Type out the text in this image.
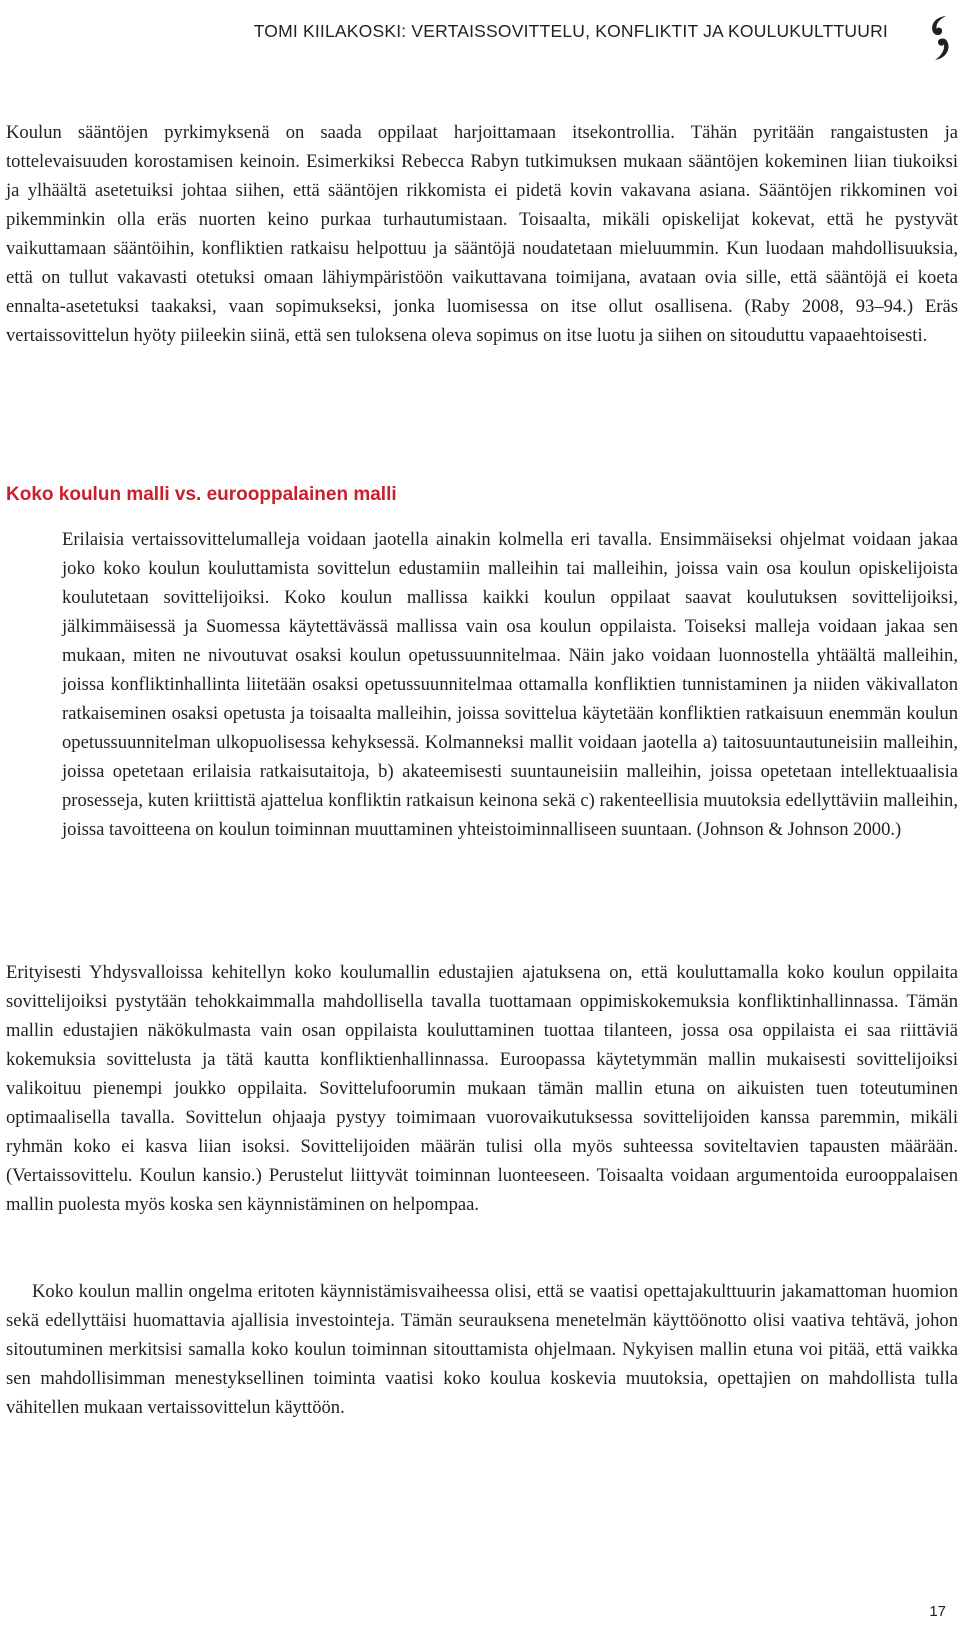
TOMI KIILAKOSKI: VERTAISSOVITTELU, KONFLIKTIT JA KOULUKULTTUURI

Koulun sääntöjen pyrkimyksenä on saada oppilaat harjoittamaan itsekontrollia. Tähän pyritään rangaistusten ja tottelevaisuuden korostamisen keinoin. Esimerkiksi Rebecca Rabyn tutkimuksen mukaan sääntöjen kokeminen liian tiukoiksi ja ylhäältä asetetuiksi johtaa siihen, että sääntöjen rikkomista ei pidetä kovin vakavana asiana. Sääntöjen rikkominen voi pikemminkin olla eräs nuorten keino purkaa turhautumistaan. Toisaalta, mikäli opiskelijat kokevat, että he pystyvät vaikuttamaan sääntöihin, konfliktien ratkaisu helpottuu ja sääntöjä noudatetaan mieluummin. Kun luodaan mahdollisuuksia, että on tullut vakavasti otetuksi omaan lähiympäristöön vaikuttavana toimijana, avataan ovia sille, että sääntöjä ei koeta ennalta-asetetuksi taakaksi, vaan sopimukseksi, jonka luomisessa on itse ollut osallisena. (Raby 2008, 93–94.) Eräs vertaissovittelun hyöty piileekin siinä, että sen tuloksena oleva sopimus on itse luotu ja siihen on sitouduttu vapaaehtoisesti.

Koko koulun malli vs. eurooppalainen malli

Erilaisia vertaissovittelumalleja voidaan jaotella ainakin kolmella eri tavalla. Ensimmäiseksi ohjelmat voidaan jakaa joko koko koulun kouluttamista sovittelun edustamiin malleihin tai malleihin, joissa vain osa koulun opiskelijoista koulutetaan sovittelijoiksi. Koko koulun mallissa kaikki koulun oppilaat saavat koulutuksen sovittelijoiksi, jälkimmäisessä ja Suomessa käytettävässä mallissa vain osa koulun oppilaista. Toiseksi malleja voidaan jakaa sen mukaan, miten ne nivoutuvat osaksi koulun opetussuunnitelmaa. Näin jako voidaan luonnostella yhtäältä malleihin, joissa konfliktinhallinta liitetään osaksi opetussuunnitelmaa ottamalla konfliktien tunnistaminen ja niiden väkivallaton ratkaiseminen osaksi opetusta ja toisaalta malleihin, joissa sovittelua käytetään konfliktien ratkaisuun enemmän koulun opetussuunnitelman ulkopuolisessa kehyksessä. Kolmanneksi mallit voidaan jaotella a) taitosuuntautuneisiin malleihin, joissa opetetaan erilaisia ratkaisutaitoja, b) akateemisesti suuntauneisiin malleihin, joissa opetetaan intellektuaalisia prosesseja, kuten kriittistä ajattelua konfliktin ratkaisun keinona sekä c) rakenteellisia muutoksia edellyttäviin malleihin, joissa tavoitteena on koulun toiminnan muuttaminen yhteistoiminnalliseen suuntaan. (Johnson & Johnson 2000.)

Erityisesti Yhdysvalloissa kehitellyn koko koulumallin edustajien ajatuksena on, että kouluttamalla koko koulun oppilaita sovittelijoiksi pystytään tehokkaimmalla mahdollisella tavalla tuottamaan oppimiskokemuksia konfliktinhallinnassa. Tämän mallin edustajien näkökulmasta vain osan oppilaista kouluttaminen tuottaa tilanteen, jossa osa oppilaista ei saa riittäviä kokemuksia sovittelusta ja tätä kautta konfliktienhallinnassa. Euroopassa käytetymmän mallin mukaisesti sovittelijoiksi valikoituu pienempi joukko oppilaita. Sovittelufoorumin mukaan tämän mallin etuna on aikuisten tuen toteutuminen optimaalisella tavalla. Sovittelun ohjaaja pystyy toimimaan vuorovaikutuksessa sovittelijoiden kanssa paremmin, mikäli ryhmän koko ei kasva liian isoksi. Sovittelijoiden määrän tulisi olla myös suhteessa soviteltavien tapausten määrään. (Vertaissovittelu. Koulun kansio.) Perustelut liittyvät toiminnan luonteeseen. Toisaalta voidaan argumentoida eurooppalaisen mallin puolesta myös koska sen käynnistäminen on helpompaa.

Koko koulun mallin ongelma eritoten käynnistämisvaiheessa olisi, että se vaatisi opettajakulttuurin jakamattoman huomion sekä edellyttäisi huomattavia ajallisia investointeja. Tämän seurauksena menetelmän käyttöönotto olisi vaativa tehtävä, johon sitoutuminen merkitsisi samalla koko koulun toiminnan sitouttamista ohjelmaan. Nykyisen mallin etuna voi pitää, että vaikka sen mahdollisimman menestyksellinen toiminta vaatisi koko koulua koskevia muutoksia, opettajien on mahdollista tulla vähitellen mukaan vertaissovittelun käyttöön.

17
